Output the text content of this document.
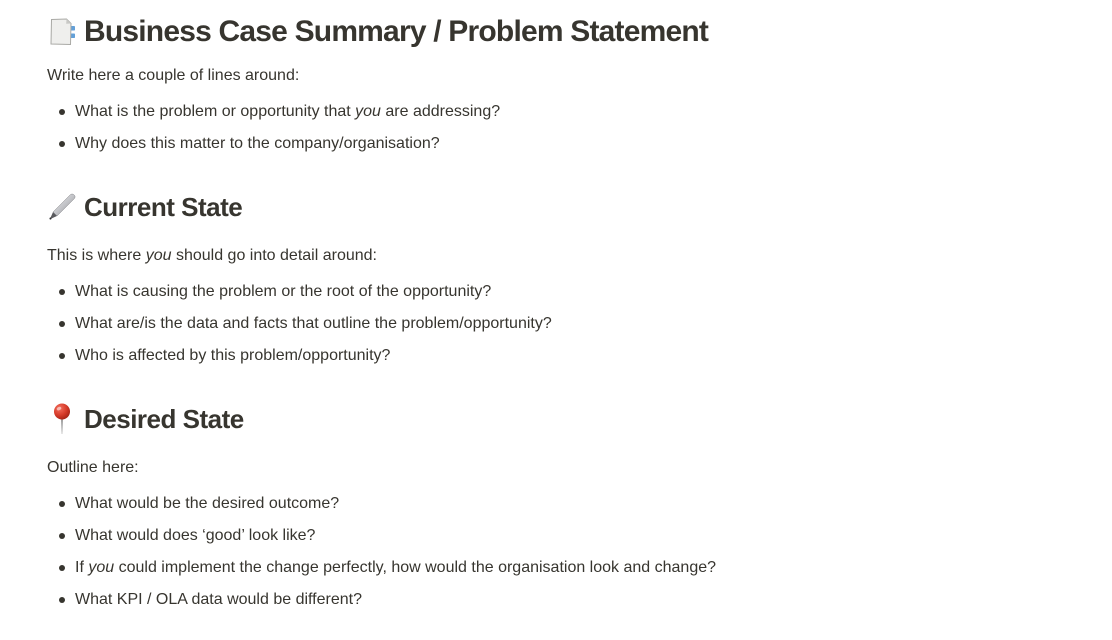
Business Case Summary / Problem Statement

Write here a couple of lines around:

What is the problem or opportunity that you are addressing?
Why does this matter to the company/organisation?
Current State

This is where you should go into detail around:

What is causing the problem or the root of the opportunity?
What are/is the data and facts that outline the problem/opportunity?
Who is affected by this problem/opportunity?
Desired State

Outline here:

What would be the desired outcome?
What would does ‘good’ look like?
If you could implement the change perfectly, how would the organisation look and change?
What KPI / OLA data would be different?
